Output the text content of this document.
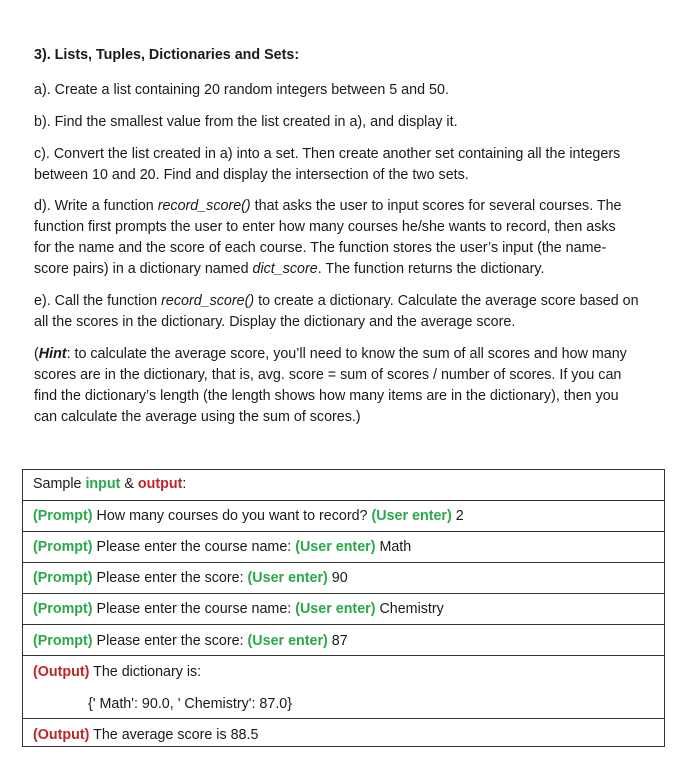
3). Lists, Tuples, Dictionaries and Sets:
a). Create a list containing 20 random integers between 5 and 50.
b). Find the smallest value from the list created in a), and display it.
c). Convert the list created in a) into a set. Then create another set containing all the integers
between 10 and 20. Find and display the intersection of the two sets.
d). Write a function record_score() that asks the user to input scores for several courses. The
function first prompts the user to enter how many courses he/she wants to record, then asks
for the name and the score of each course. The function stores the user’s input (the name-
score pairs) in a dictionary named dict_score. The function returns the dictionary.
e). Call the function record_score() to create a dictionary. Calculate the average score based on
all the scores in the dictionary. Display the dictionary and the average score.
(Hint: to calculate the average score, you’ll need to know the sum of all scores and how many
scores are in the dictionary, that is, avg. score = sum of scores / number of scores. If you can
find the dictionary’s length (the length shows how many items are in the dictionary), then you
can calculate the average using the sum of scores.)
Sample input & output:
(Prompt) How many courses do you want to record? (User enter) 2
(Prompt) Please enter the course name: (User enter) Math
(Prompt) Please enter the score: (User enter) 90
(Prompt) Please enter the course name: (User enter) Chemistry
(Prompt) Please enter the score: (User enter) 87
(Output) The dictionary is:
{' Math': 90.0, ' Chemistry': 87.0}
(Output) The average score is 88.5
